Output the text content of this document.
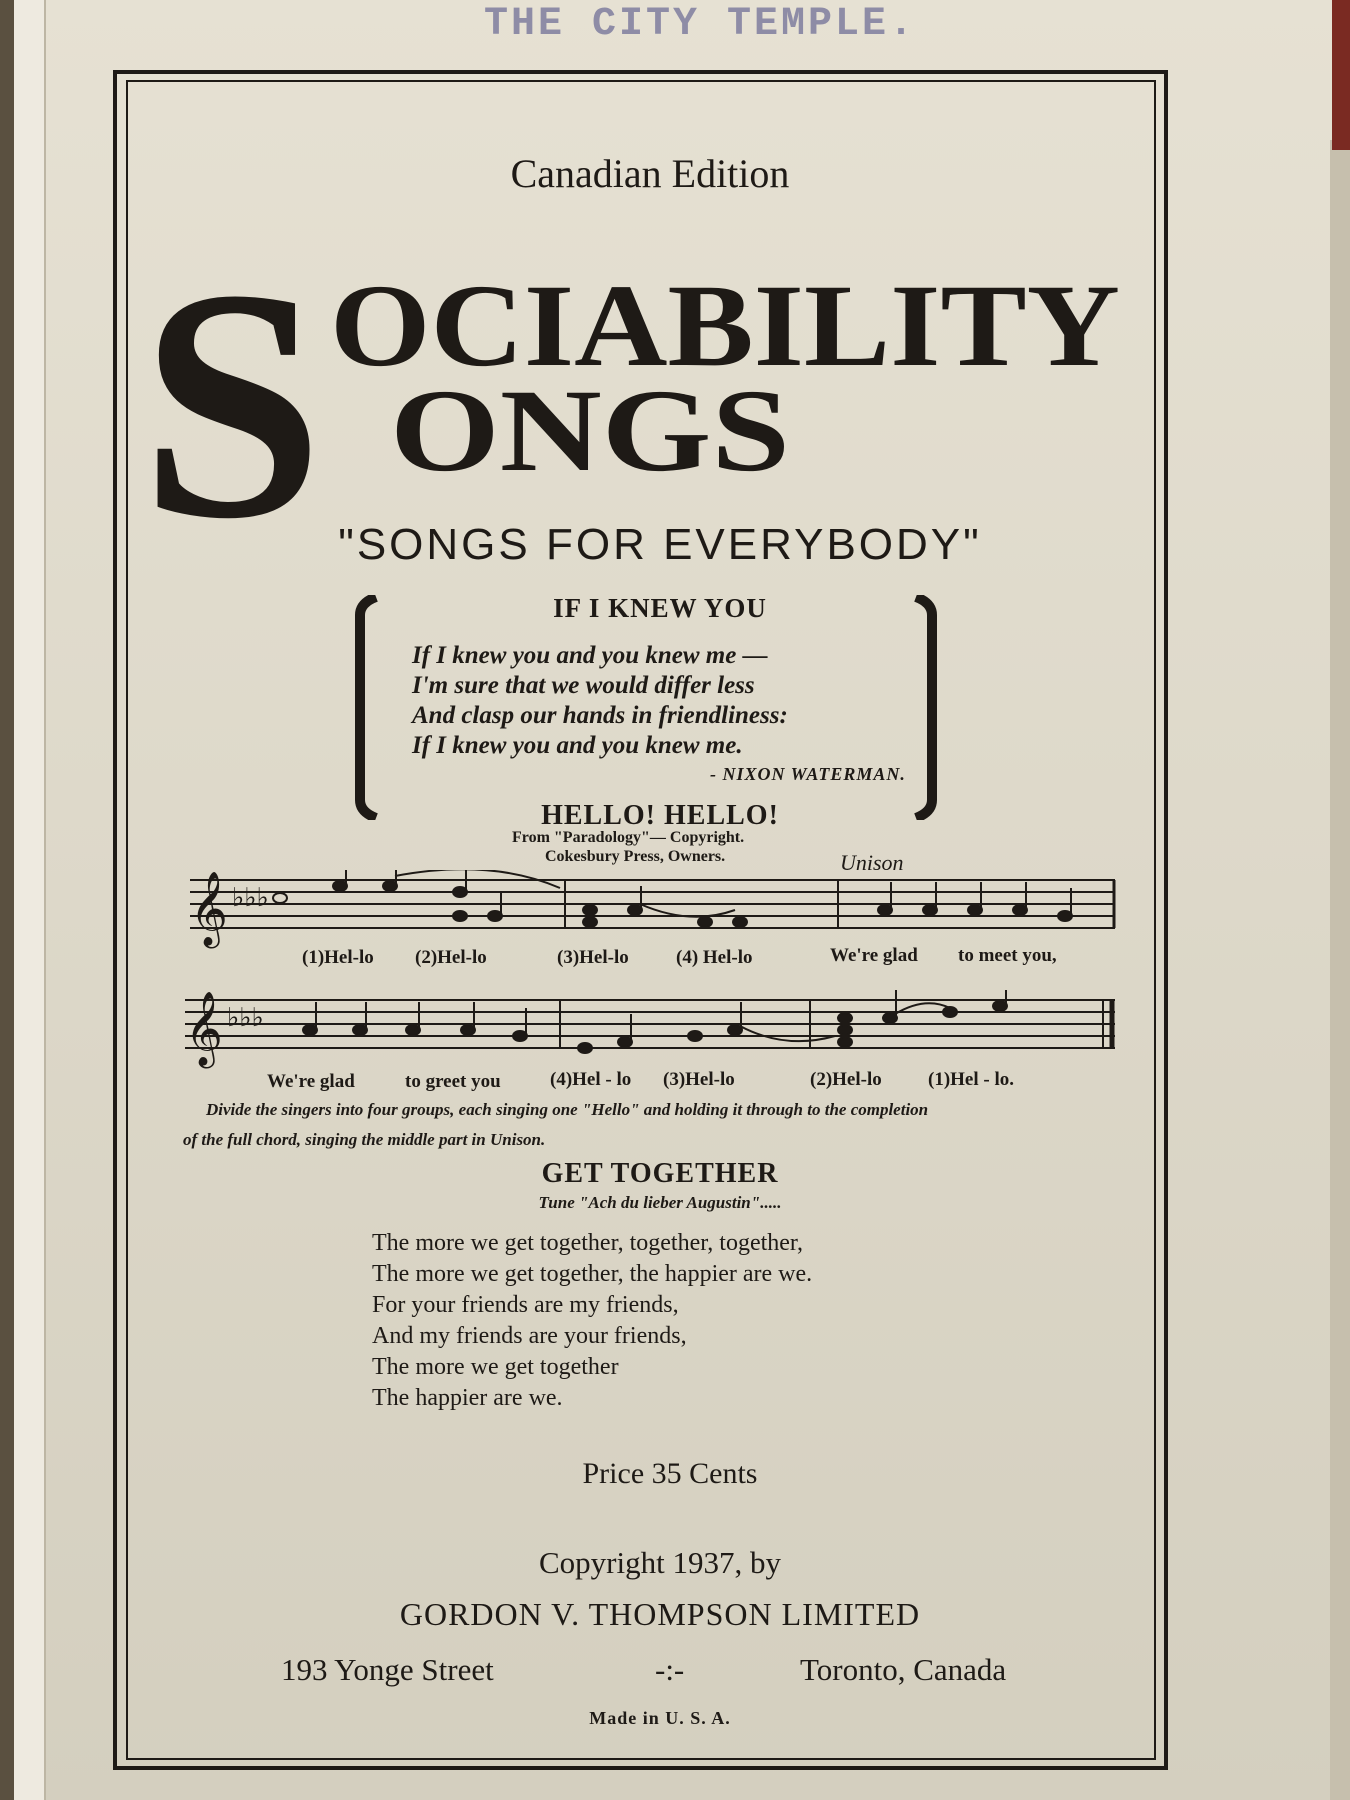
THE CITY TEMPLE.
Canadian Edition
S OCIABILITY
ONGS
"SONGS FOR EVERYBODY"
IF I KNEW YOU
If I knew you and you knew me —
I'm sure that we would differ less
And clasp our hands in friendliness:
If I knew you and you knew me.
- NIXON WATERMAN.
HELLO! HELLO!
From "Paradology"— Copyright.
Cokesbury Press, Owners.	Unison
𝄞 ♭♭♭
(1)Hel-lo (2)Hel-lo	(3)Hel-lo (4) Hel-lo	We're glad to meet you,
𝄞 ♭♭♭
We're glad	to greet you	(4)Hel - lo (3)Hel-lo	(2)Hel-lo (1)Hel - lo.
Divide the singers into four groups, each singing one "Hello" and holding it through to the completion
of the full chord, singing the middle part in Unison.
GET TOGETHER
Tune "Ach du lieber Augustin".....
The more we get together, together, together,
The more we get together, the happier are we.
For your friends are my friends,
And my friends are your friends,
The more we get together
The happier are we.
Price 35 Cents
Copyright 1937, by
GORDON V. THOMPSON LIMITED
193 Yonge Street	-:-	Toronto, Canada
Made in U. S. A.
